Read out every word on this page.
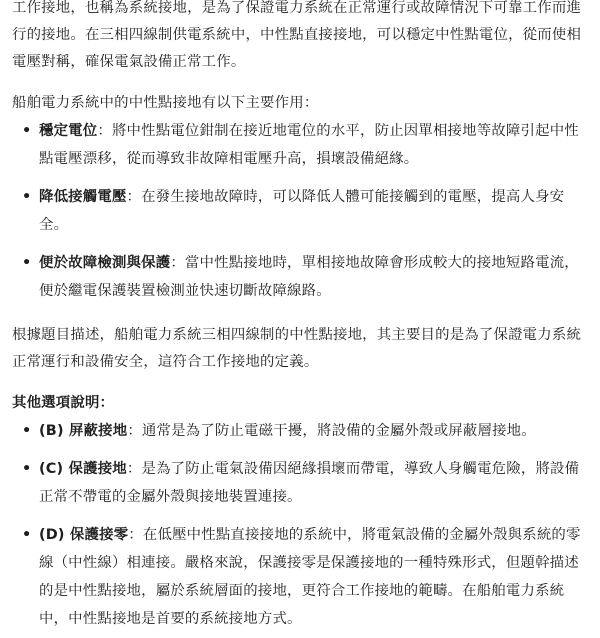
工作接地，也稱為系統接地，是為了保證電力系統在正常運行或故障情況下可靠工作而進行的接地。在三相四線制供電系統中，中性點直接接地，可以穩定中性點電位，從而使相電壓對稱，確保電氣設備正常工作。

船舶電力系統中的中性點接地有以下主要作用：

• 穩定電位：將中性點電位鉗制在接近地電位的水平，防止因單相接地等故障引起中性點電壓漂移，從而導致非故障相電壓升高，損壞設備絕緣。
• 降低接觸電壓：在發生接地故障時，可以降低人體可能接觸到的電壓，提高人身安全。
• 便於故障檢測與保護：當中性點接地時，單相接地故障會形成較大的接地短路電流，便於繼電保護裝置檢測並快速切斷故障線路。

根據題目描述，船舶電力系統三相四線制的中性點接地，其主要目的是為了保證電力系統正常運行和設備安全，這符合工作接地的定義。

其他選項說明：

• (B) 屏蔽接地：通常是為了防止電磁干擾，將設備的金屬外殼或屏蔽層接地。
• (C) 保護接地：是為了防止電氣設備因絕緣損壞而帶電，導致人身觸電危險，將設備正常不帶電的金屬外殼與接地裝置連接。
• (D) 保護接零：在低壓中性點直接接地的系統中，將電氣設備的金屬外殼與系統的零線（中性線）相連接。嚴格來說，保護接零是保護接地的一種特殊形式，但題幹描述的是中性點接地，屬於系統層面的接地，更符合工作接地的範疇。在船舶電力系統中，中性點接地是首要的系統接地方式。
